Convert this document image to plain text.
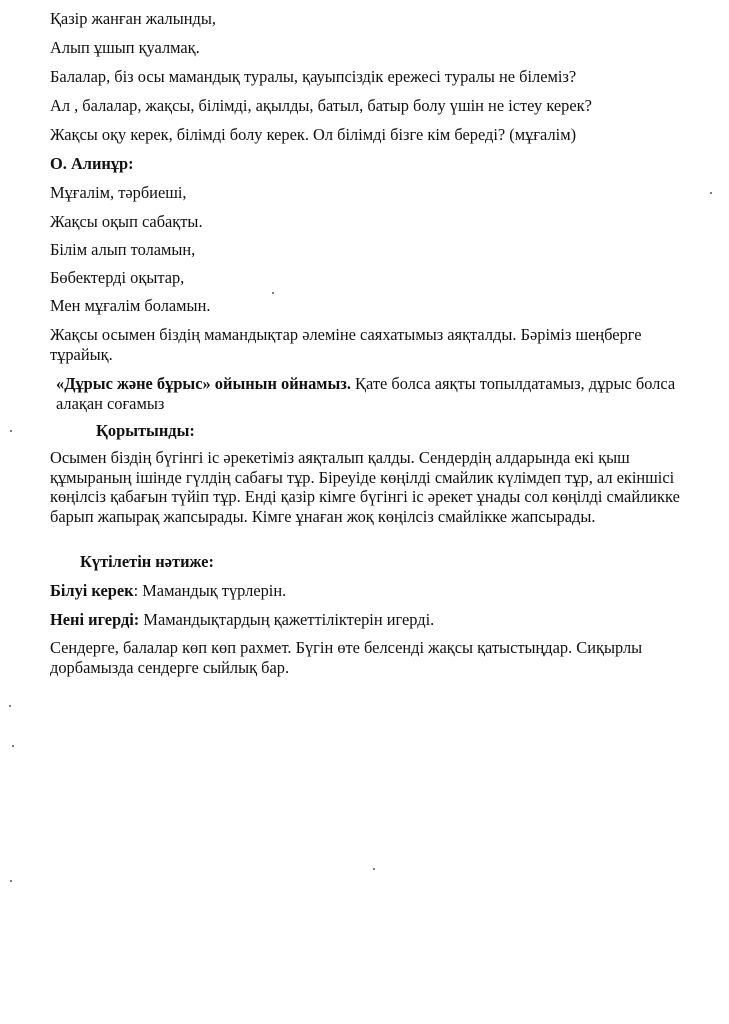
Қазір жанған жалынды,
Алып ұшып қуалмақ.
Балалар, біз осы мамандық туралы, қауыпсіздік ережесі туралы не білеміз?
Ал , балалар, жақсы, білімді, ақылды, батыл, батыр болу үшін не істеу керек?
Жақсы оқу керек, білімді болу керек. Ол білімді бізге кім береді? (мұғалім)
О. Алинұр:
Мұғалім, тәрбиеші,
Жақсы оқып сабақты.
Білім алып толамын,
Бөбектерді оқытар,
Мен мұғалім боламын.
Жақсы осымен біздің мамандықтар әлеміне саяхатымыз аяқталды. Бәріміз шеңберге тұрайық.
«Дұрыс және бұрыс» ойынын ойнамыз. Қате болса аяқты топылдатамыз, дұрыс болса алақан соғамыз
Қорытынды:
Осымен біздің бүгінгі іс әрекетіміз аяқталып қалды. Сендердің алдарында екі қыш құмыраның ішінде гүлдің сабағы тұр. Біреуіде көңілді смайлик күлімдеп тұр, ал екіншісі көңілсіз қабағын түйіп тұр. Енді қазір кімге бүгінгі іс әрекет ұнады сол көңілді смайликке барып жапырақ жапсырады. Кімге ұнаған жоқ көңілсіз смайлікке жапсырады.
Күтілетін нәтиже:
Білуі керек: Мамандық түрлерін.
Нені игерді: Мамандықтардың қажеттіліктерін игерді.
Сендерге, балалар көп көп рахмет. Бүгін өте белсенді жақсы қатыстыңдар. Сиқырлы дорбамызда сендерге сыйлық бар.
